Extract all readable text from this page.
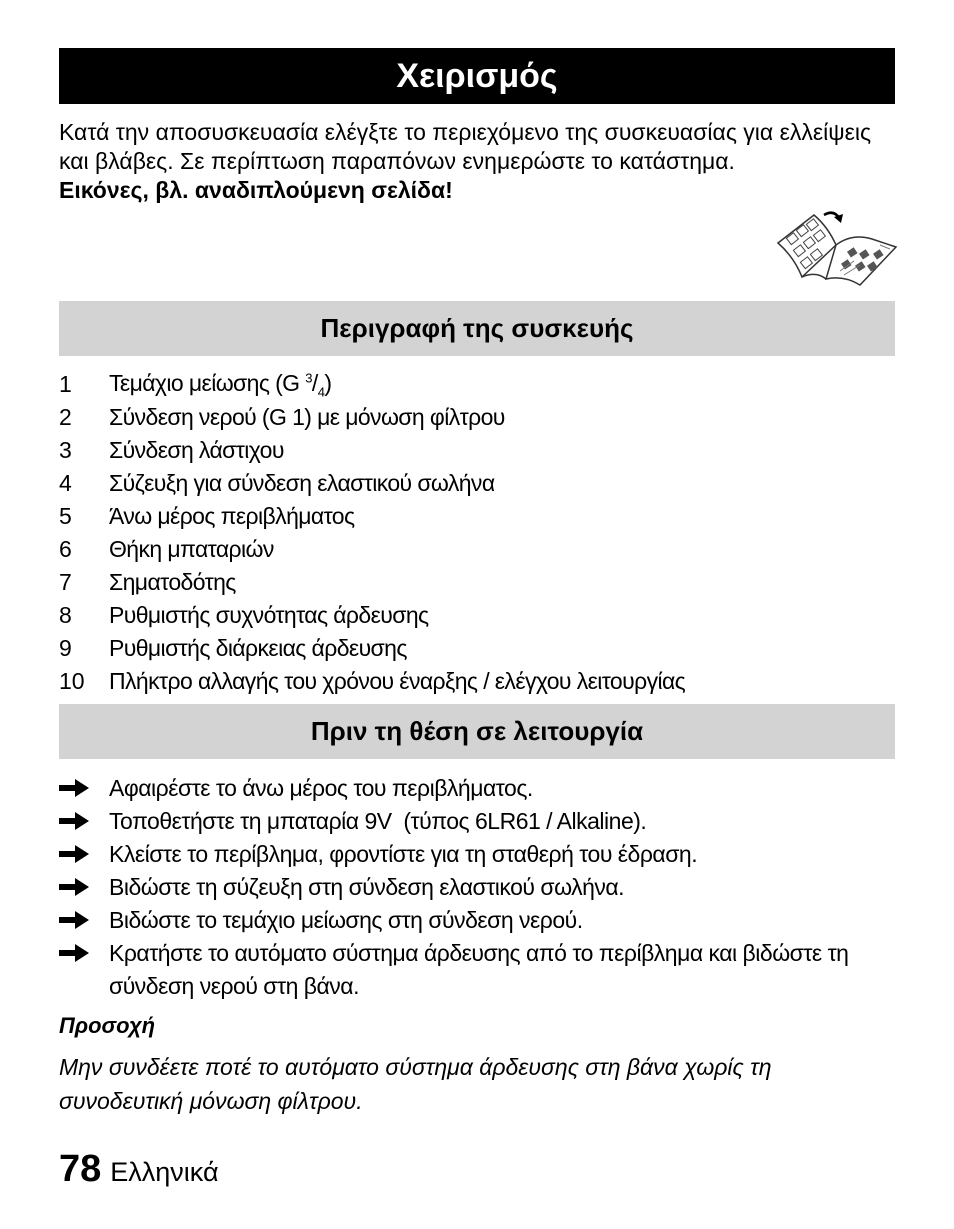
Χειρισμός

Κατά την αποσυσκευασία ελέγξτε το περιεχόμενο της συσκευασίας για ελλείψεις και βλάβες. Σε περίπτωση παραπόνων ενημερώστε το κατάστημα.

Εικόνες, βλ. αναδιπλούμενη σελίδα!

Περιγραφή της συσκευής
1	Τεμάχιο μείωσης (G $^3/_4$)
2	Σύνδεση νερού (G 1) με μόνωση φίλτρου
3	Σύνδεση λάστιχου
4	Σύζευξη για σύνδεση ελαστικού σωλήνα
5	Άνω μέρος περιβλήματος
6	Θήκη μπαταριών
7	Σηματοδότης
8	Ρυθμιστής συχνότητας άρδευσης
9	Ρυθμιστής διάρκειας άρδευσης
10	Πλήκτρο αλλαγής του χρόνου έναρξης / ελέγχου λειτουργίας
Πριν τη θέση σε λειτουργία
Αφαιρέστε το άνω μέρος του περιβλήματος.
Τοποθετήστε τη μπαταρία 9V  (τύπος 6LR61 / Alkaline).
Κλείστε το περίβλημα, φροντίστε για τη σταθερή του έδραση.
Βιδώστε τη σύζευξη στη σύνδεση ελαστικού σωλήνα.
Βιδώστε το τεμάχιο μείωσης στη σύνδεση νερού.
Κρατήστε το αυτόματο σύστημα άρδευσης από το περίβλημα και βιδώστε τη σύνδεση νερού στη βάνα.
Προσοχή
Μην συνδέετε ποτέ το αυτόματο σύστημα άρδευσης στη βάνα χωρίς τη συνοδευτική μόνωση φίλτρου.
78 Ελληνικά
